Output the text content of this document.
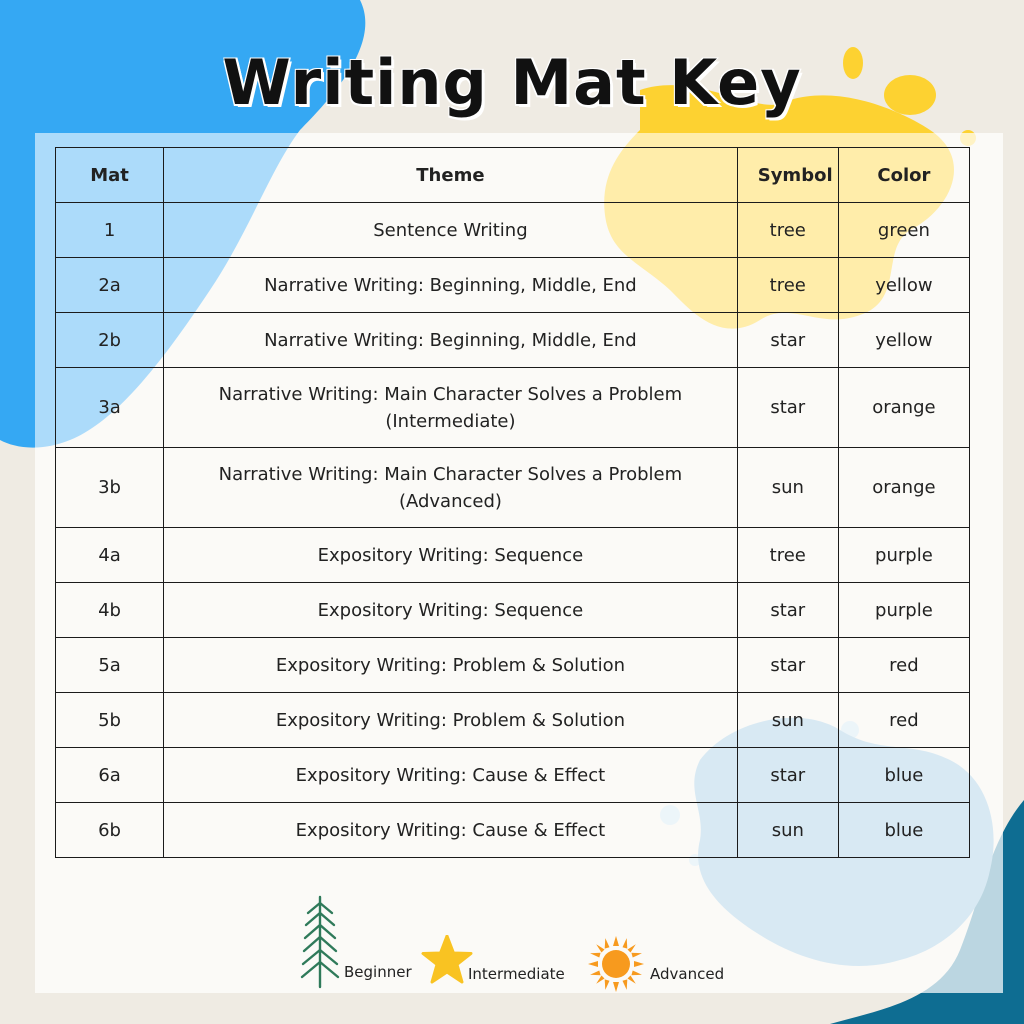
Writing Mat Key
Mat	Theme	Symbol	Color
1	Sentence Writing	tree	green
2a	Narrative Writing: Beginning, Middle, End	tree	yellow
2b	Narrative Writing: Beginning, Middle, End	star	yellow
3a	Narrative Writing: Main Character Solves a Problem
(Intermediate)	star	orange
3b	Narrative Writing: Main Character Solves a Problem
(Advanced)	sun	orange
4a	Expository Writing: Sequence	tree	purple
4b	Expository Writing: Sequence	star	purple
5a	Expository Writing: Problem & Solution	star	red
5b	Expository Writing: Problem & Solution	sun	red
6a	Expository Writing: Cause & Effect	star	blue
6b	Expository Writing: Cause & Effect	sun	blue
Beginner	Intermediate	Advanced
